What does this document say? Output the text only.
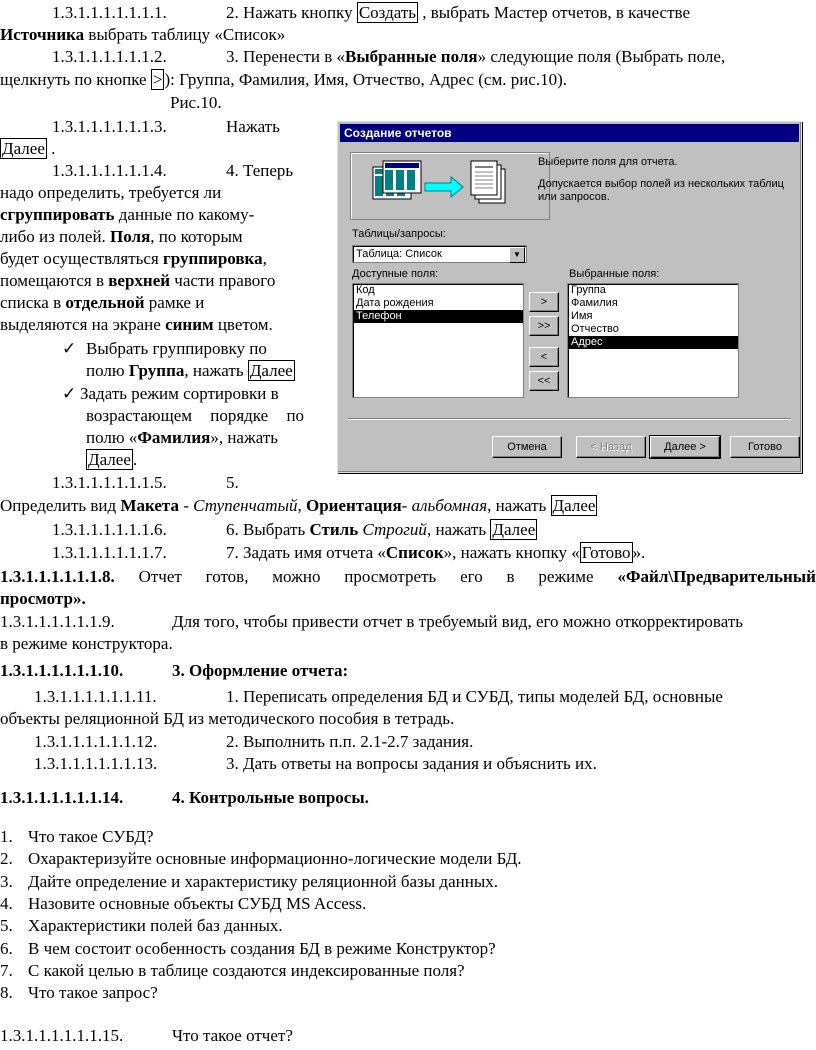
1.3.1.1.1.1.1.1.1.	2. Нажать кнопку Создать , выбрать Мастер отчетов, в качестве
Источника выбрать таблицу «Список»
1.3.1.1.1.1.1.1.2.	3. Перенести в «Выбранные поля» следующие поля (Выбрать поле,
щелкнуть по кнопке > ): Группа, Фамилия, Имя, Отчество, Адрес (см. рис.10).
Рис.10.
1.3.1.1.1.1.1.1.3.	Нажать
Далее .
1.3.1.1.1.1.1.1.4.	4. Теперь
надо определить, требуется ли
сгруппировать данные по какому-
либо из полей. Поля, по которым
будет осуществляться группировка,
помещаются в верхней части правого
списка в отдельной рамке и
выделяются на экране синим цветом.
✓ Выбрать группировку по
полю Группа, нажать Далее
✓ Задать режим сортировки в
возрастающем порядке по
полю «Фамилия», нажать
Далее .
1.3.1.1.1.1.1.1.5.	5.
Определить вид Макета - Ступенчатый, Ориентация- альбомная, нажать Далее
1.3.1.1.1.1.1.1.6.	6. Выбрать Стиль Строгий, нажать Далее
1.3.1.1.1.1.1.1.7.	7. Задать имя отчета «Список», нажать кнопку « Готово ».
1.3.1.1.1.1.1.1.8. Отчет готов, можно просмотреть его в режиме «Файл\Предварительный
просмотр».
1.3.1.1.1.1.1.1.9.	Для того, чтобы привести отчет в требуемый вид, его можно откорректировать
в режиме конструктора.
1.3.1.1.1.1.1.1.10.	3. Оформление отчета:
1.3.1.1.1.1.1.1.11.	1. Переписать определения БД и СУБД, типы моделей БД, основные
объекты реляционной БД из методического пособия в тетрадь.
1.3.1.1.1.1.1.1.12.	2. Выполнить п.п. 2.1-2.7 задания.
1.3.1.1.1.1.1.1.13.	3. Дать ответы на вопросы задания и объяснить их.
1.3.1.1.1.1.1.1.14.	4. Контрольные вопросы.
1. Что такое СУБД?
2. Охарактеризуйте основные информационно-логические модели БД.
3. Дайте определение и характеристику реляционной базы данных.
4. Назовите основные объекты СУБД MS Access.
5. Характеристики полей баз данных.
6. В чем состоит особенность создания БД в режиме Конструктор?
7. С какой целью в таблице создаются индексированные поля?
8. Что такое запрос?
1.3.1.1.1.1.1.1.15.	Что такое отчет?
Создание отчетов
Выберите поля для отчета.
Допускается выбор полей из нескольких таблиц
или запросов.
Таблицы/запросы:
Таблица: Список	▼
Доступные поля:
Код
Дата рождения
Телефон
Выбранные поля:
Группа
Фамилия
Имя
Отчество
Адрес
>
>>
<
<<
Отмена	< Назад	Далее >	Готово
